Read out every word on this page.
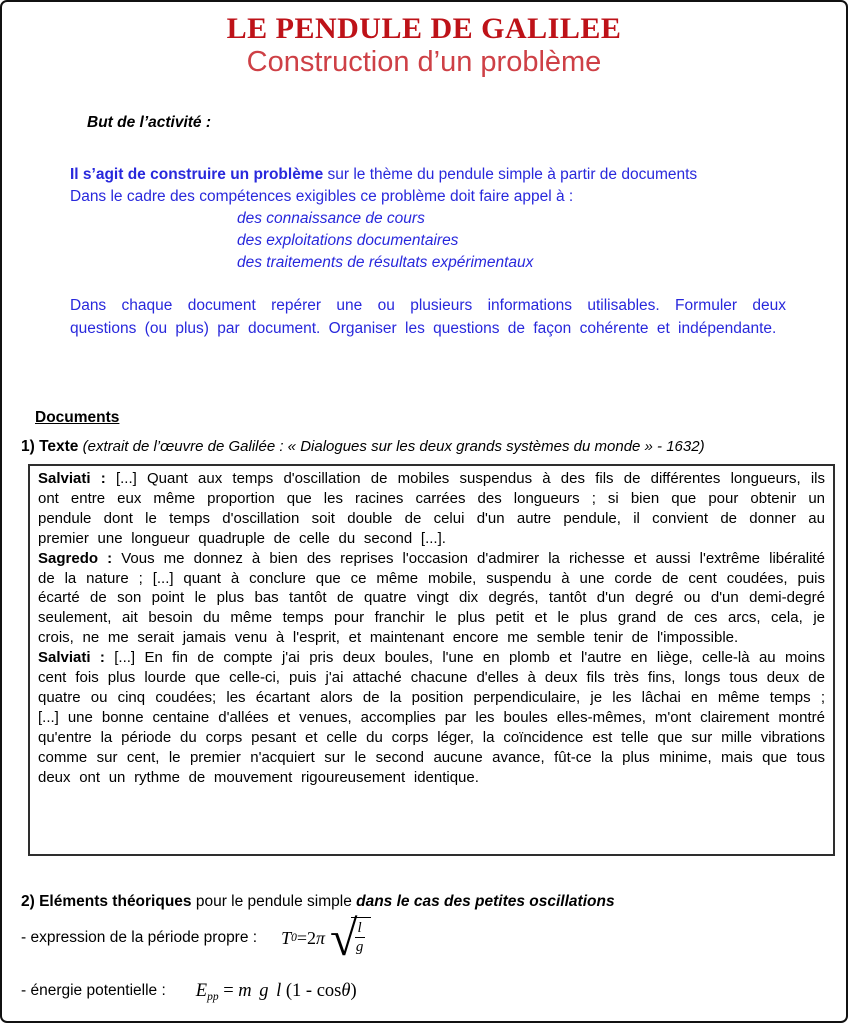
LE PENDULE DE GALILEE
Construction d’un problème
But de l’activité :
Il s’agit de construire un problème sur le thème du pendule simple à partir de documents
Dans le cadre des compétences exigibles ce problème doit faire appel à :
des connaissance de cours
des exploitations documentaires
des traitements de résultats expérimentaux
Dans chaque document repérer une ou plusieurs informations utilisables. Formuler deux questions (ou plus) par document. Organiser les questions de façon cohérente et indépendante.
Documents
1) Texte (extrait de l’œuvre de Galilée : « Dialogues sur les deux grands systèmes du monde » - 1632)

Salviati : [...] Quant aux temps d'oscillation de mobiles suspendus à des fils de différentes longueurs, ils ont entre eux même proportion que les racines carrées des longueurs ; si bien que pour obtenir un pendule dont le temps d'oscillation soit double de celui d'un autre pendule, il convient de donner au premier une longueur quadruple de celle du second [...].

Sagredo : Vous me donnez à bien des reprises l'occasion d'admirer la richesse et aussi l'extrême libéralité de la nature ; [...] quant à conclure que ce même mobile, suspendu à une corde de cent coudées, puis écarté de son point le plus bas tantôt de quatre vingt dix degrés, tantôt d'un degré ou d'un demi-degré seulement, ait besoin du même temps pour franchir le plus petit et le plus grand de ces arcs, cela, je crois, ne me serait jamais venu à l'esprit, et maintenant encore me semble tenir de l'impossible.

Salviati : [...] En fin de compte j'ai pris deux boules, l'une en plomb et l'autre en liège, celle-là au moins cent fois plus lourde que celle-ci, puis j'ai attaché chacune d'elles à deux fils très fins, longs tous deux de quatre ou cinq coudées; les écartant alors de la position perpendiculaire, je les lâchai en même temps ; [...] une bonne centaine d'allées et venues, accomplies par les boules elles-mêmes, m'ont clairement montré qu'entre la période du corps pesant et celle du corps léger, la coïncidence est telle que sur mille vibrations comme sur cent, le premier n'acquiert sur le second aucune avance, fût-ce la plus minime, mais que tous deux ont un rythme de mouvement rigoureusement identique.

2) Eléments théoriques pour le pendule simple dans le cas des petites oscillations
- expression de la période propre : T 0 = 2 π √
$\frac{l}{g}$
- énergie potentielle : $E_{pp} = m$ g l (1 - cosθ)
